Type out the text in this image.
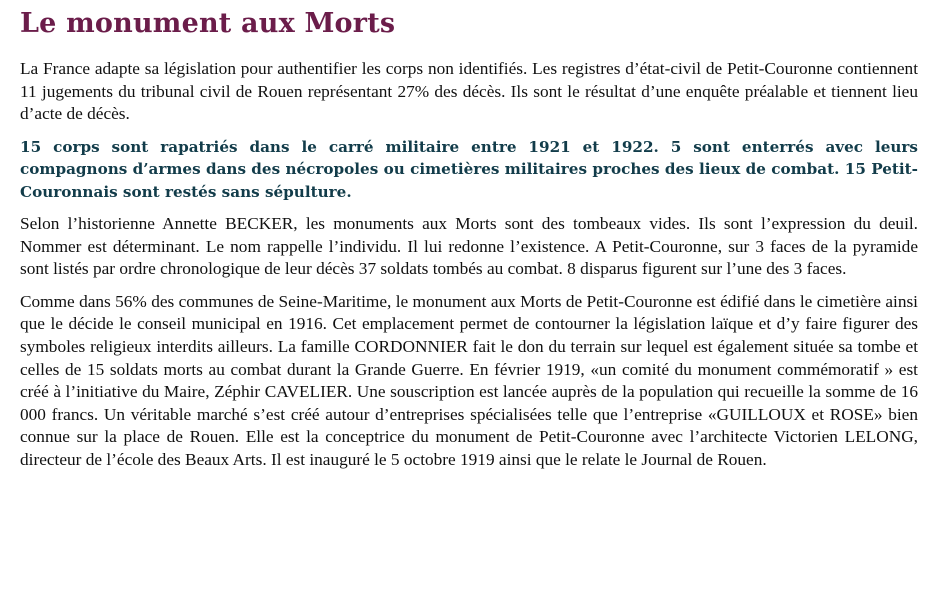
Le monument aux Morts

La France adapte sa législation pour authentifier les corps non identifiés. Les registres d’état-civil de Petit-Couronne contiennent 11 jugements du tribunal civil de Rouen représentant 27% des décès. Ils sont le résultat d’une enquête préalable et tiennent lieu d’acte de décès.

15 corps sont rapatriés dans le carré militaire entre 1921 et 1922. 5 sont enterrés avec leurs compagnons d’armes dans des nécropoles ou cimetières militaires proches des lieux de combat. 15 Petit-Couronnais sont restés sans sépulture.

Selon l’historienne Annette BECKER, les monuments aux Morts sont des tombeaux vides. Ils sont l’expression du deuil. Nommer est déterminant. Le nom rappelle l’individu. Il lui redonne l’existence. A Petit-Couronne, sur 3 faces de la pyramide sont listés par ordre chronologique de leur décès 37 soldats tombés au combat. 8 disparus figurent sur l’une des 3 faces.

Comme dans 56% des communes de Seine-Maritime, le monument aux Morts de Petit-Couronne est édifié dans le cimetière ainsi que le décide le conseil municipal en 1916. Cet emplacement permet de contourner la législation laïque et d’y faire figurer des symboles religieux interdits ailleurs. La famille CORDONNIER fait le don du terrain sur lequel est également située sa tombe et celles de 15 soldats morts au combat durant la Grande Guerre. En février 1919, «un comité du monument commémoratif » est créé à l’initiative du Maire, Zéphir CAVELIER. Une souscription est lancée auprès de la population qui recueille la somme de 16 000 francs. Un véritable marché s’est créé autour d’entreprises spécialisées telle que l’entreprise «GUILLOUX et ROSE» bien connue sur la place de Rouen. Elle est la conceptrice du monument de Petit-Couronne avec l’architecte Victorien LELONG, directeur de l’école des Beaux Arts. Il est inauguré le 5 octobre 1919 ainsi que le relate le Journal de Rouen.
